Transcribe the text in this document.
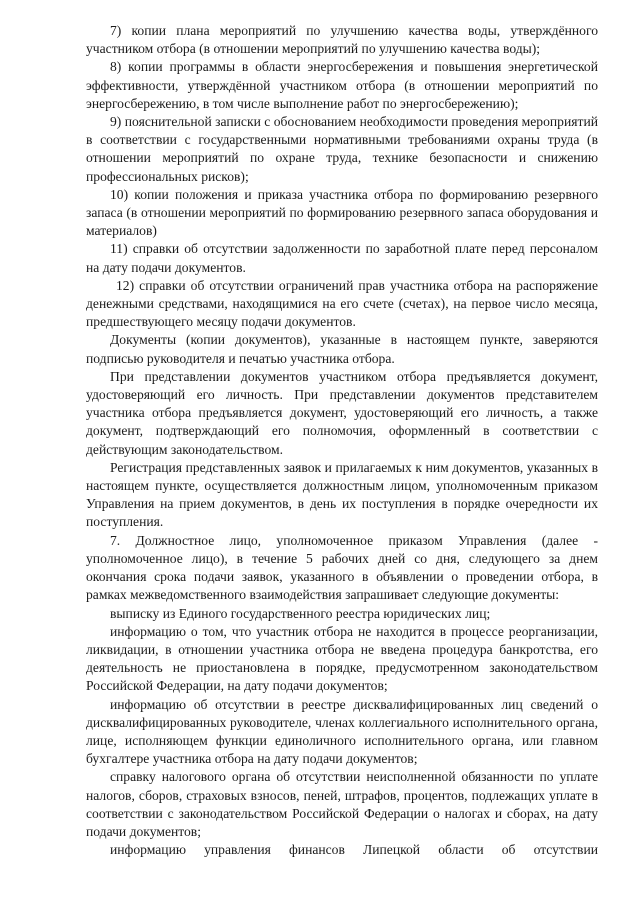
7) копии плана мероприятий по улучшению качества воды, утверждённого участником отбора (в отношении мероприятий по улучшению качества воды);

8) копии программы в области энергосбережения и повышения энергетической эффективности, утверждённой участником отбора (в отношении мероприятий по энергосбережению, в том числе выполнение работ по энергосбережению);

9) пояснительной записки с обоснованием необходимости проведения мероприятий в соответствии с государственными нормативными требованиями охраны труда (в отношении мероприятий по охране труда, технике безопасности и снижению профессиональных рисков);

10) копии положения и приказа участника отбора по формированию резервного запаса (в отношении мероприятий по формированию резервного запаса оборудования и материалов)

11) справки об отсутствии задолженности по заработной плате перед персоналом на дату подачи документов.

12) справки об отсутствии ограничений прав участника отбора на распоряжение денежными средствами, находящимися на его счете (счетах), на первое число месяца, предшествующего месяцу подачи документов.

Документы (копии документов), указанные в настоящем пункте, заверяются подписью руководителя и печатью участника отбора.

При представлении документов участником отбора предъявляется документ, удостоверяющий его личность. При представлении документов представителем участника отбора предъявляется документ, удостоверяющий его личность, а также документ, подтверждающий его полномочия, оформленный в соответствии с действующим законодательством.

Регистрация представленных заявок и прилагаемых к ним документов, указанных в настоящем пункте, осуществляется должностным лицом, уполномоченным приказом Управления на прием документов, в день их поступления в порядке очередности их поступления.

7. Должностное лицо, уполномоченное приказом Управления (далее - уполномоченное лицо), в течение 5 рабочих дней со дня, следующего за днем окончания срока подачи заявок, указанного в объявлении о проведении отбора, в рамках межведомственного взаимодействия запрашивает следующие документы:

выписку из Единого государственного реестра юридических лиц;

информацию о том, что участник отбора не находится в процессе реорганизации, ликвидации, в отношении участника отбора не введена процедура банкротства, его деятельность не приостановлена в порядке, предусмотренном законодательством Российской Федерации, на дату подачи документов;

информацию об отсутствии в реестре дисквалифицированных лиц сведений о дисквалифицированных руководителе, членах коллегиального исполнительного органа, лице, исполняющем функции единоличного исполнительного органа, или главном бухгалтере участника отбора на дату подачи документов;

справку налогового органа об отсутствии неисполненной обязанности по уплате налогов, сборов, страховых взносов, пеней, штрафов, процентов, подлежащих уплате в соответствии с законодательством Российской Федерации о налогах и сборах, на дату подачи документов;

информацию управления финансов Липецкой области об отсутствии
